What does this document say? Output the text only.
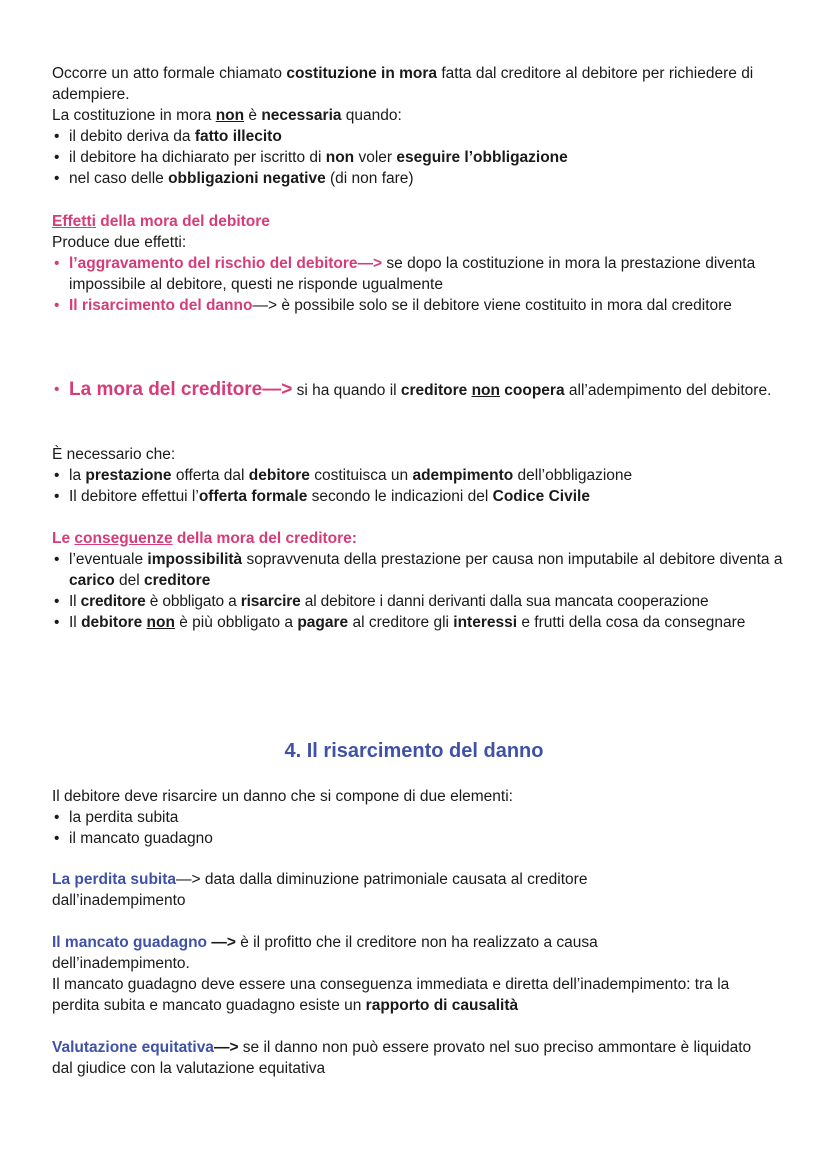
Occorre un atto formale chiamato costituzione in mora fatta dal creditore al debitore per richiedere di adempiere.
La costituzione in mora non è necessaria quando:
• il debito deriva da fatto illecito
• il debitore ha dichiarato per iscritto di non voler eseguire l’obbligazione
• nel caso delle obbligazioni negative (di non fare)
Effetti della mora del debitore
Produce due effetti:
• l’aggravamento del rischio del debitore—> se dopo la costituzione in mora la prestazione diventa impossibile al debitore, questi ne risponde ugualmente
• Il risarcimento del danno—> è possibile solo se il debitore viene costituito in mora dal creditore
• La mora del creditore—> si ha quando il creditore non coopera all’adempimento del debitore.
È necessario che:
• la prestazione offerta dal debitore costituisca un adempimento dell’obbligazione
• Il debitore effettui l’offerta formale secondo le indicazioni del Codice Civile
Le conseguenze della mora del creditore:
• l’eventuale impossibilità sopravvenuta della prestazione per causa non imputabile al debitore diventa a carico del creditore
• Il creditore è obbligato a risarcire al debitore i danni derivanti dalla sua mancata cooperazione
• Il debitore non è più obbligato a pagare al creditore gli interessi e frutti della cosa da consegnare
4. Il risarcimento del danno
Il debitore deve risarcire un danno che si compone di due elementi:
• la perdita subita
• il mancato guadagno
La perdita subita—> data dalla diminuzione patrimoniale causata al creditore dall’inadempimento
Il mancato guadagno —> è il profitto che il creditore non ha realizzato a causa dell’inadempimento.
Il mancato guadagno deve essere una conseguenza immediata e diretta dell’inadempimento: tra la perdita subita e mancato guadagno esiste un rapporto di causalità
Valutazione equitativa—> se il danno non può essere provato nel suo preciso ammontare è liquidato dal giudice con la valutazione equitativa
